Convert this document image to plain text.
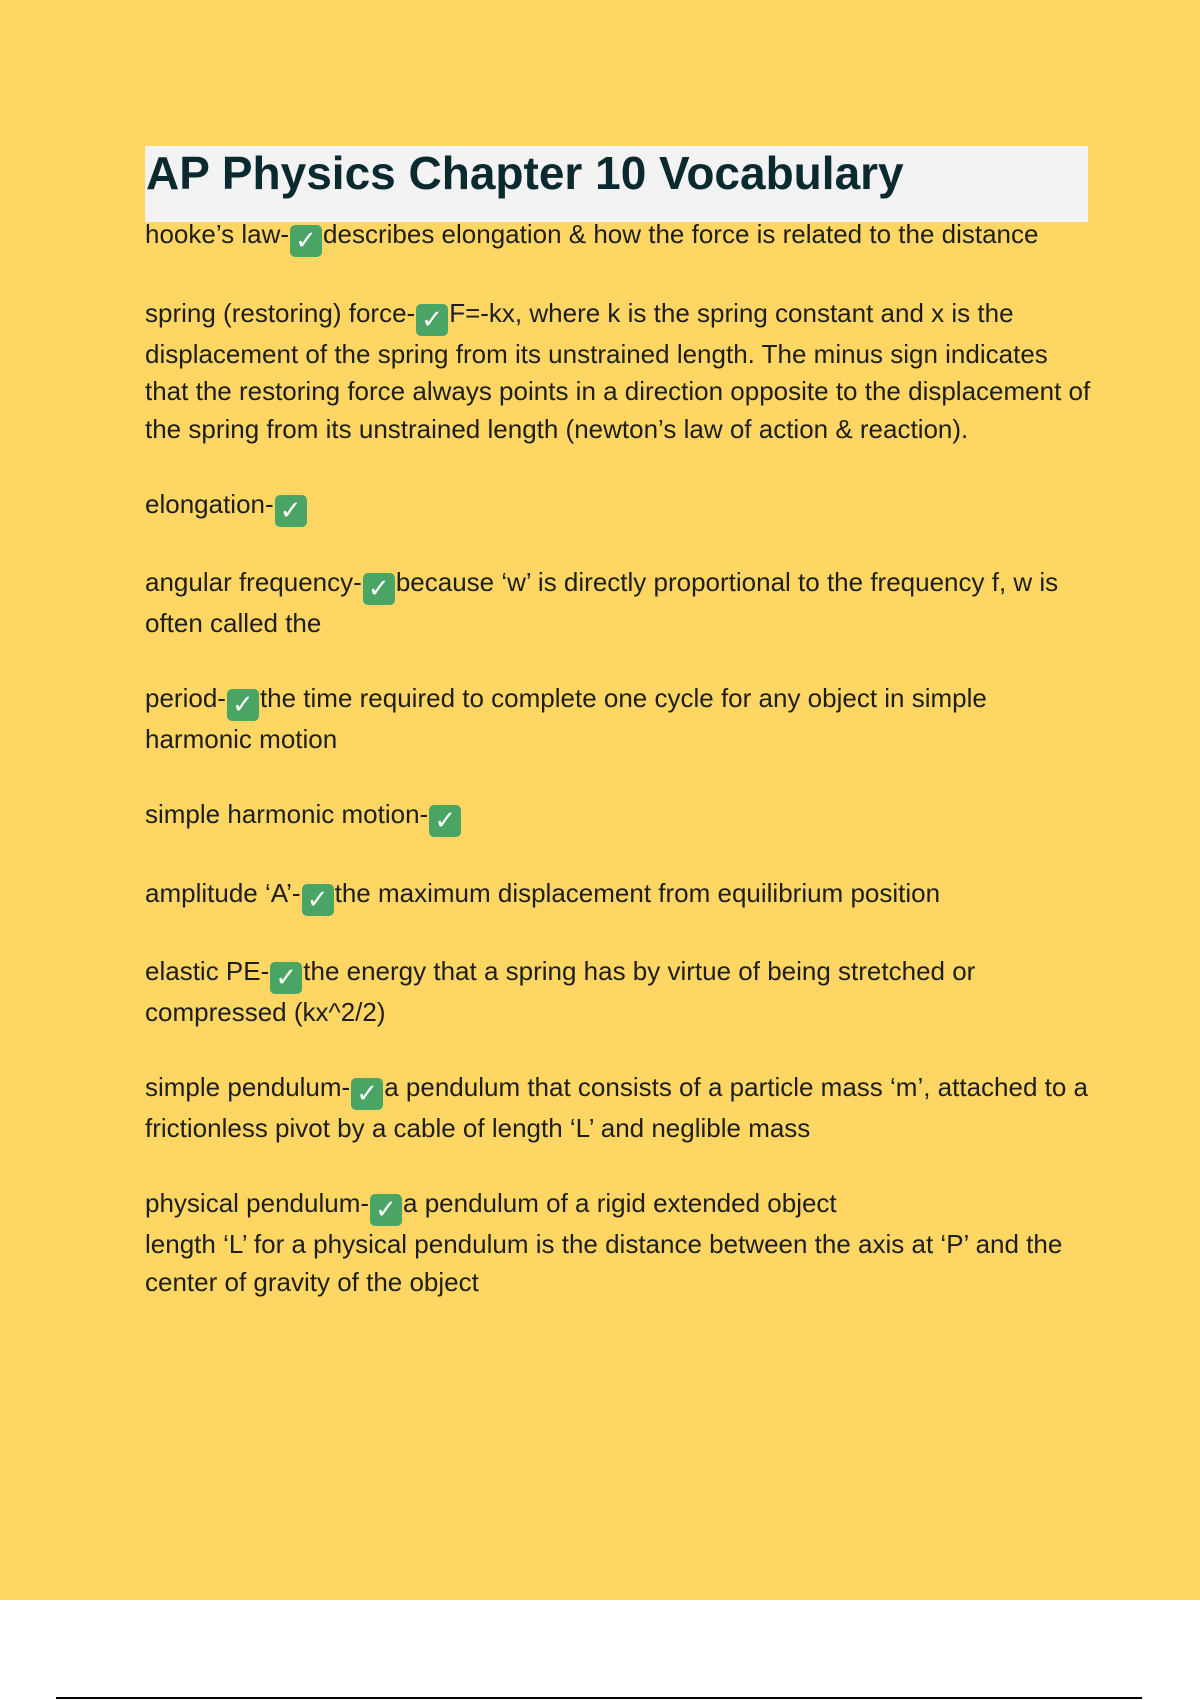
AP Physics Chapter 10 Vocabulary

hooke’s law- ✓ describes elongation & how the force is related to the distance

spring (restoring) force- ✓ F=-kx, where k is the spring constant and x is the displacement of the spring from its unstrained length. The minus sign indicates that the restoring force always points in a direction opposite to the displacement of the spring from its unstrained length (newton’s law of action & reaction).

elongation- ✓

angular frequency- ✓ because ‘w’ is directly proportional to the frequency f, w is often called the

period- ✓ the time required to complete one cycle for any object in simple harmonic motion

simple harmonic motion- ✓

amplitude ‘A’- ✓ the maximum displacement from equilibrium position

elastic PE- ✓ the energy that a spring has by virtue of being stretched or compressed (kx^2/2)

simple pendulum- ✓ a pendulum that consists of a particle mass ‘m’, attached to a frictionless pivot by a cable of length ‘L’ and neglible mass

physical pendulum- ✓ a pendulum of a rigid extended object
length ‘L’ for a physical pendulum is the distance between the axis at ‘P’ and the center of gravity of the object
